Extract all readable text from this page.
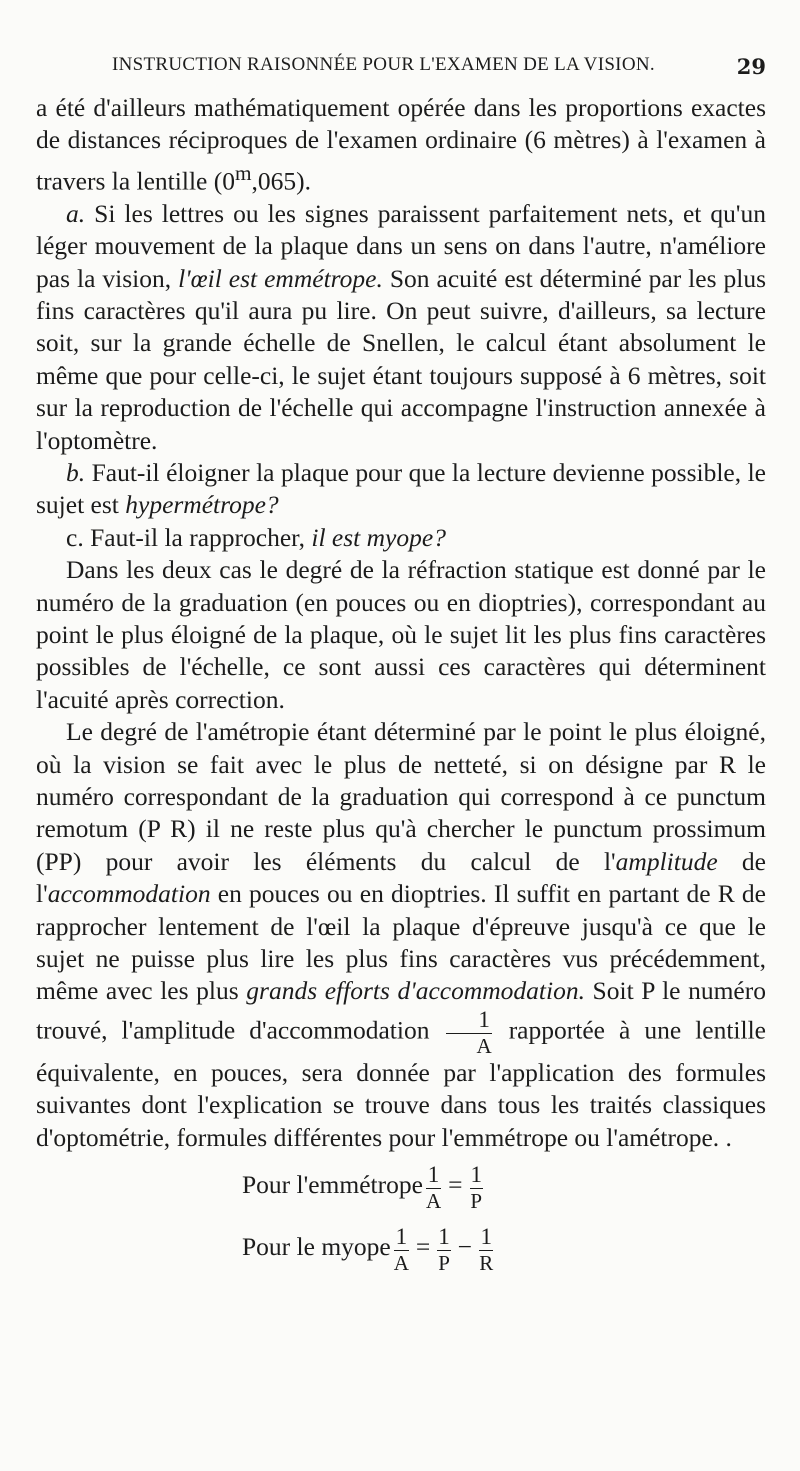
INSTRUCTION RAISONNÉE POUR L'EXAMEN DE LA VISION.	29

a été d'ailleurs mathématiquement opérée dans les proportions exactes de distances réciproques de l'examen ordinaire (6 mètres) à l'examen à travers la lentille (0$^m$,065).

a. Si les lettres ou les signes paraissent parfaitement nets, et qu'un léger mouvement de la plaque dans un sens on dans l'autre, n'améliore pas la vision, l'œil est emmétrope. Son acuité est déterminé par les plus fins caractères qu'il aura pu lire. On peut suivre, d'ailleurs, sa lecture soit, sur la grande échelle de Snellen, le calcul étant absolument le même que pour celle-ci, le sujet étant toujours supposé à 6 mètres, soit sur la reproduction de l'échelle qui accompagne l'instruction annexée à l'optomètre.

b. Faut-il éloigner la plaque pour que la lecture devienne possible, le sujet est hypermétrope?

c. Faut-il la rapprocher, il est myope?

Dans les deux cas le degré de la réfraction statique est donné par le numéro de la graduation (en pouces ou en dioptries), correspondant au point le plus éloigné de la plaque, où le sujet lit les plus fins caractères possibles de l'échelle, ce sont aussi ces caractères qui déterminent l'acuité après correction.

Le degré de l'amétropie étant déterminé par le point le plus éloigné, où la vision se fait avec le plus de netteté, si on désigne par R le numéro correspondant de la graduation qui correspond à ce punctum remotum (P R) il ne reste plus qu'à chercher le punctum prossimum (PP) pour avoir les éléments du calcul de l'amplitude de l'accommodation en pouces ou en dioptries. Il suffit en partant de R de rapprocher lentement de l'œil la plaque d'épreuve jusqu'à ce que le sujet ne puisse plus lire les plus fins caractères vus précédemment, même avec les plus grands efforts d'accommodation. Soit P le numéro trouvé, l'amplitude d'accommodation $\frac{1}{A}$ rapportée à une lentille équivalente, en pouces, sera donnée par l'application des formules suivantes dont l'explication se trouve dans tous les traités classiques d'optométrie, formules différentes pour l'emmétrope ou l'amétrope. .

Pour l'emmétrope $\frac{1}{A} = \frac{1}{P}$

Pour le myope $\frac{1}{A} = \frac{1}{P} - \frac{1}{R}$
